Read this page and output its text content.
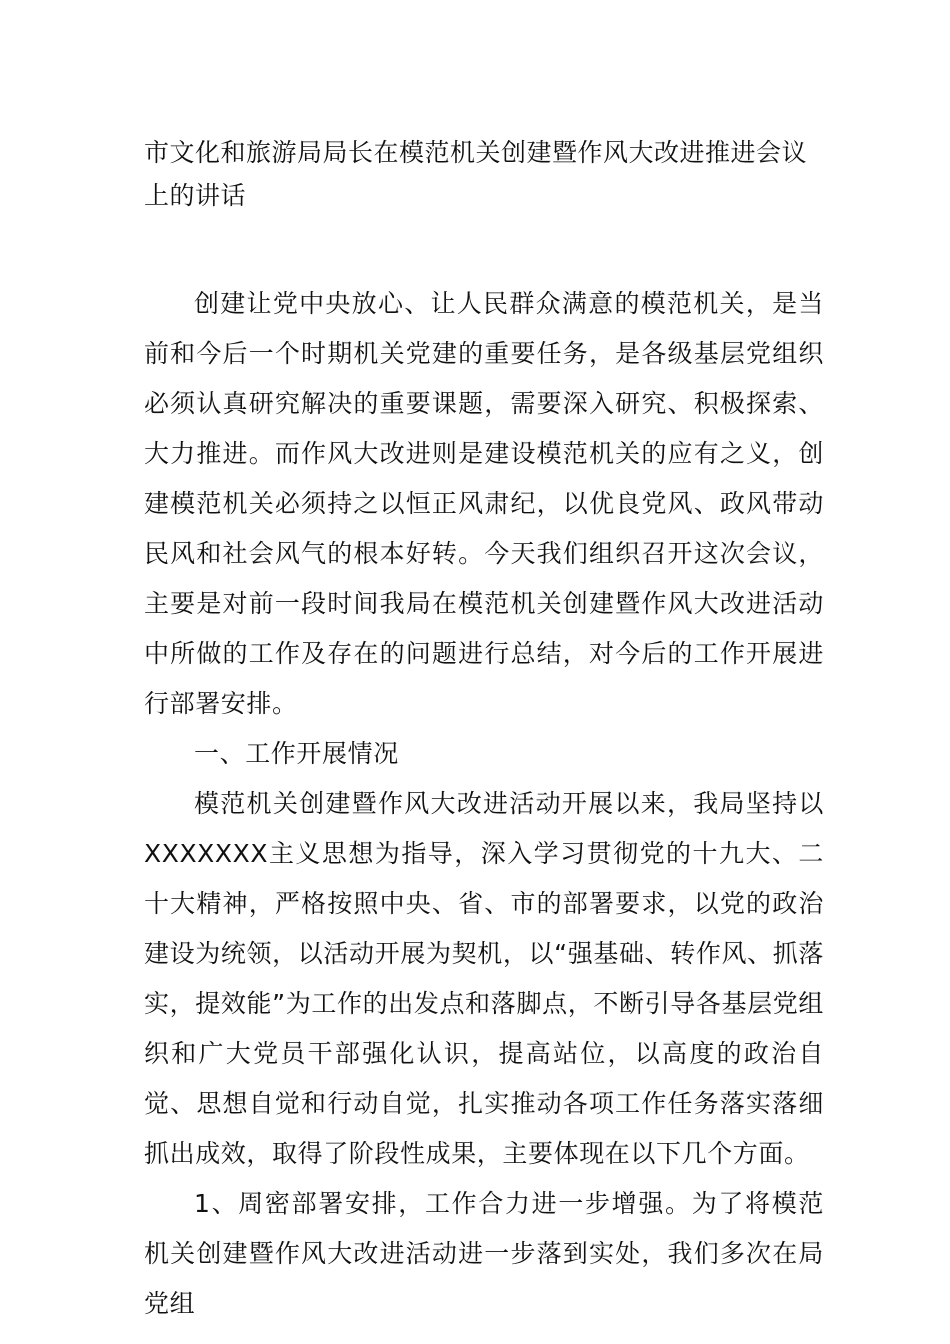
市文化和旅游局局长在模范机关创建暨作风大改进推进会议上的讲话

创建让党中央放心、让人民群众满意的模范机关，是当前和今后一个时期机关党建的重要任务，是各级基层党组织必须认真研究解决的重要课题，需要深入研究、积极探索、大力推进。而作风大改进则是建设模范机关的应有之义，创建模范机关必须持之以恒正风肃纪，以优良党风、政风带动民风和社会风气的根本好转。今天我们组织召开这次会议，主要是对前一段时间我局在模范机关创建暨作风大改进活动中所做的工作及存在的问题进行总结，对今后的工作开展进行部署安排。

一、工作开展情况

模范机关创建暨作风大改进活动开展以来，我局坚持以XXXXXXX主义思想为指导，深入学习贯彻党的十九大、二十大精神，严格按照中央、省、市的部署要求，以党的政治建设为统领，以活动开展为契机，以“强基础、转作风、抓落实，提效能”为工作的出发点和落脚点，不断引导各基层党组织和广大党员干部强化认识，提高站位，以高度的政治自觉、思想自觉和行动自觉，扎实推动各项工作任务落实落细抓出成效，取得了阶段性成果，主要体现在以下几个方面。

1、周密部署安排，工作合力进一步增强。为了将模范机关创建暨作风大改进活动进一步落到实处，我们多次在局党组
